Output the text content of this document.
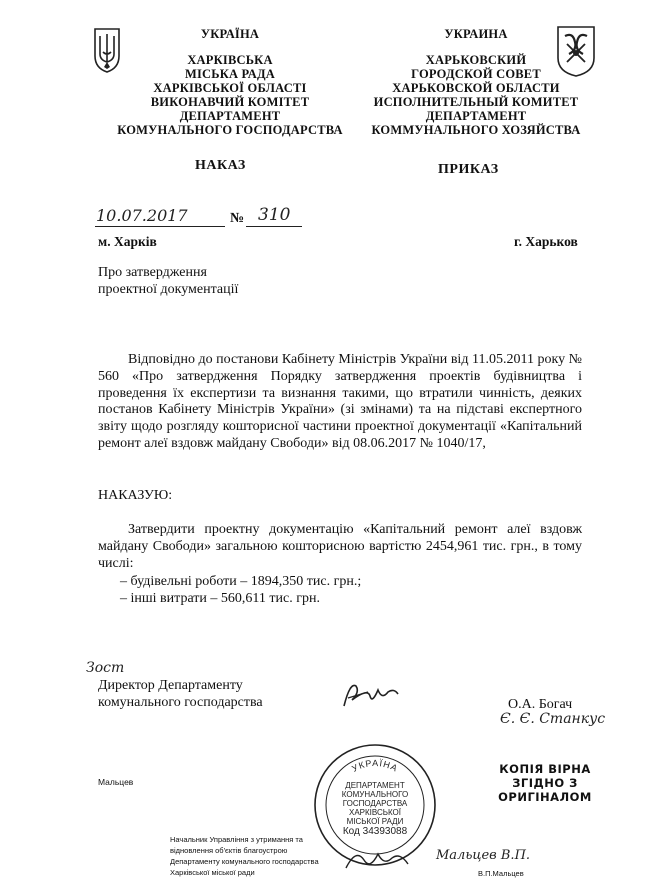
УКРАЇНА
ХАРКІВСЬКА
МІСЬКА РАДА
ХАРКІВСЬКОЇ ОБЛАСТІ
ВИКОНАВЧИЙ КОМІТЕТ
ДЕПАРТАМЕНТ
КОМУНАЛЬНОГО ГОСПОДАРСТВА
УКРАИНА
ХАРЬКОВСКИЙ
ГОРОДСКОЙ СОВЕТ
ХАРЬКОВСКОЙ ОБЛАСТИ
ИСПОЛНИТЕЛЬНЫЙ КОМИТЕТ
ДЕПАРТАМЕНТ
КОММУНАЛЬНОГО ХОЗЯЙСТВА
НАКАЗ	ПРИКАЗ
10.07.2017	№ 310
м. Харків	г. Харьков
Про затвердження
проектної документації
Відповідно до постанови Кабінету Міністрів України від 11.05.2011 року № 560 «Про затвердження Порядку затвердження проектів будівництва і проведення їх експертизи та визнання такими, що втратили чинність, деяких постанов Кабінету Міністрів України» (зі змінами) та на підставі експертного звіту щодо розгляду кошторисної частини проектної документації «Капітальний ремонт алеї вздовж майдану Свободи» від 08.06.2017 № 1040/17,
НАКАЗУЮ:
Затвердити проектну документацію «Капітальний ремонт алеї вздовж майдану Свободи» загальною кошторисною вартістю 2454,961 тис. грн., в тому числі:
– будівельні роботи – 1894,350 тис. грн.;
– інші витрати – 560,611 тис. грн.
Зост
Директор Департаменту
комунального господарства	О.А. Богач
Є. Є. Станкус
КОПІЯ ВІРНА
ЗГІДНО З
ОРИГІНАЛОМ
Мальцев
УКРАЇНА
ДЕПАРТАМЕНТ
КОМУНАЛЬНОГО
ГОСПОДАРСТВА
ХАРКІВСЬКОЇ
МІСЬКОЇ РАДИ
Код 34393088
Начальник Управління з утримання та
відновлення об'єктів благоустрою
Департаменту комунального господарства
Харківської міської ради
Мальцев В.П.
В.П.Мальцев
